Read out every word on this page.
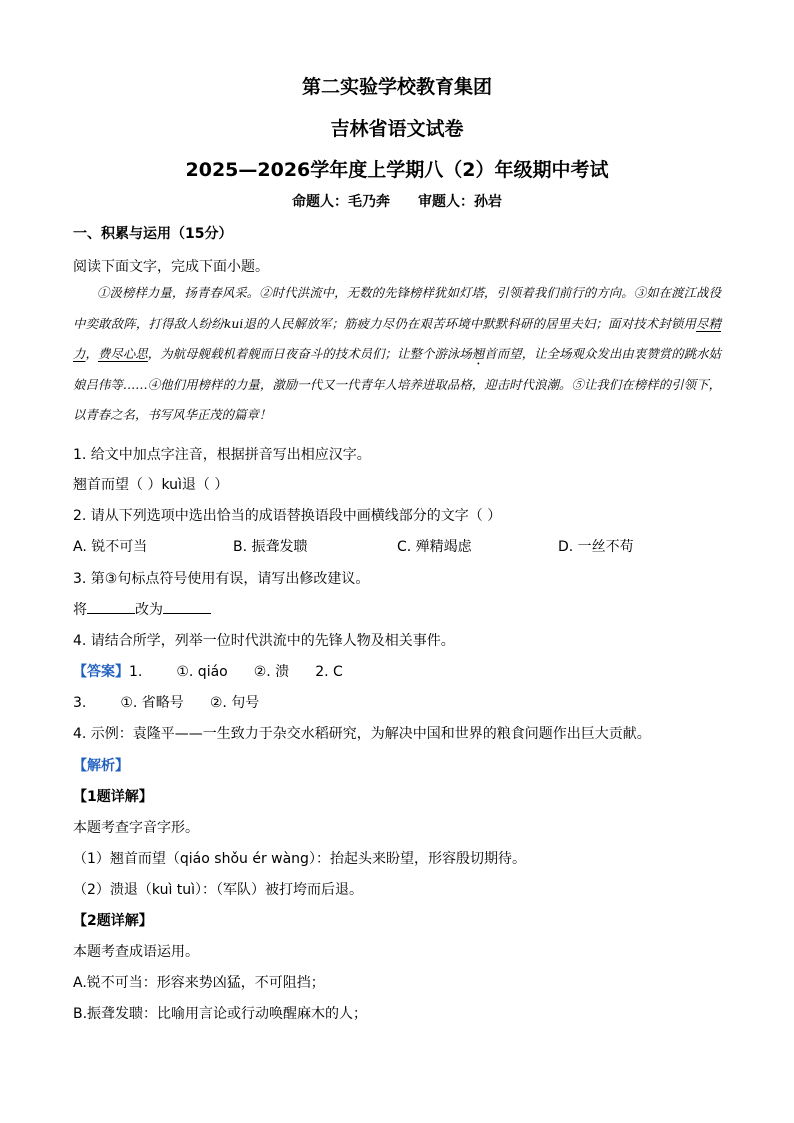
第二实验学校教育集团
吉林省语文试卷
2025—2026学年度上学期八（2）年级期中考试
命题人：毛乃奔 审题人：孙岩
一、积累与运用（15分）
阅读下面文字，完成下面小题。
①汲榜样力量，扬青春风采。②时代洪流中，无数的先锋榜样犹如灯塔，引领着我们前行的方向。③如在渡江战役中奕敢敌阵，打得敌人纷纷kui退的人民解放军；筋疲力尽仍在艰苦环境中默默科研的居里夫妇；面对技术封锁用尽精力，费尽心思，为航母舰载机着舰而日夜奋斗的技术员们；让整个游泳场翘首而望，让全场观众发出由衷赞赏的跳水姑娘吕伟等……④他们用榜样的力量，激励一代又一代青年人培养进取品格，迎击时代浪潮。⑤让我们在榜样的引领下，以青春之名，书写风华正茂的篇章！
1. 给文中加点字注音，根据拼音写出相应汉字。
翘首而望（ ）kuì退（ ）
2. 请从下列选项中选出恰当的成语替换语段中画横线部分的文字（ ）
A. 锐不可当	B. 振聋发聩	C. 殚精竭虑	D. 一丝不苟
3. 第③句标点符号使用有误，请写出修改建议。
将	改为
4. 请结合所学，列举一位时代洪流中的先锋人物及相关事件。
【答案】1. ①. qiáo ②. 溃 2. C
3. ①. 省略号 ②. 句号
4. 示例：袁隆平——一生致力于杂交水稻研究，为解决中国和世界的粮食问题作出巨大贡献。
【解析】
【1题详解】
本题考查字音字形。
（1）翘首而望（qiáo shǒu ér wàng）：抬起头来盼望，形容殷切期待。
（2）溃退（kuì tuì）：（军队）被打垮而后退。
【2题详解】
本题考查成语运用。
A.锐不可当：形容来势凶猛，不可阻挡；
B.振聋发聩：比喻用言论或行动唤醒麻木的人；
